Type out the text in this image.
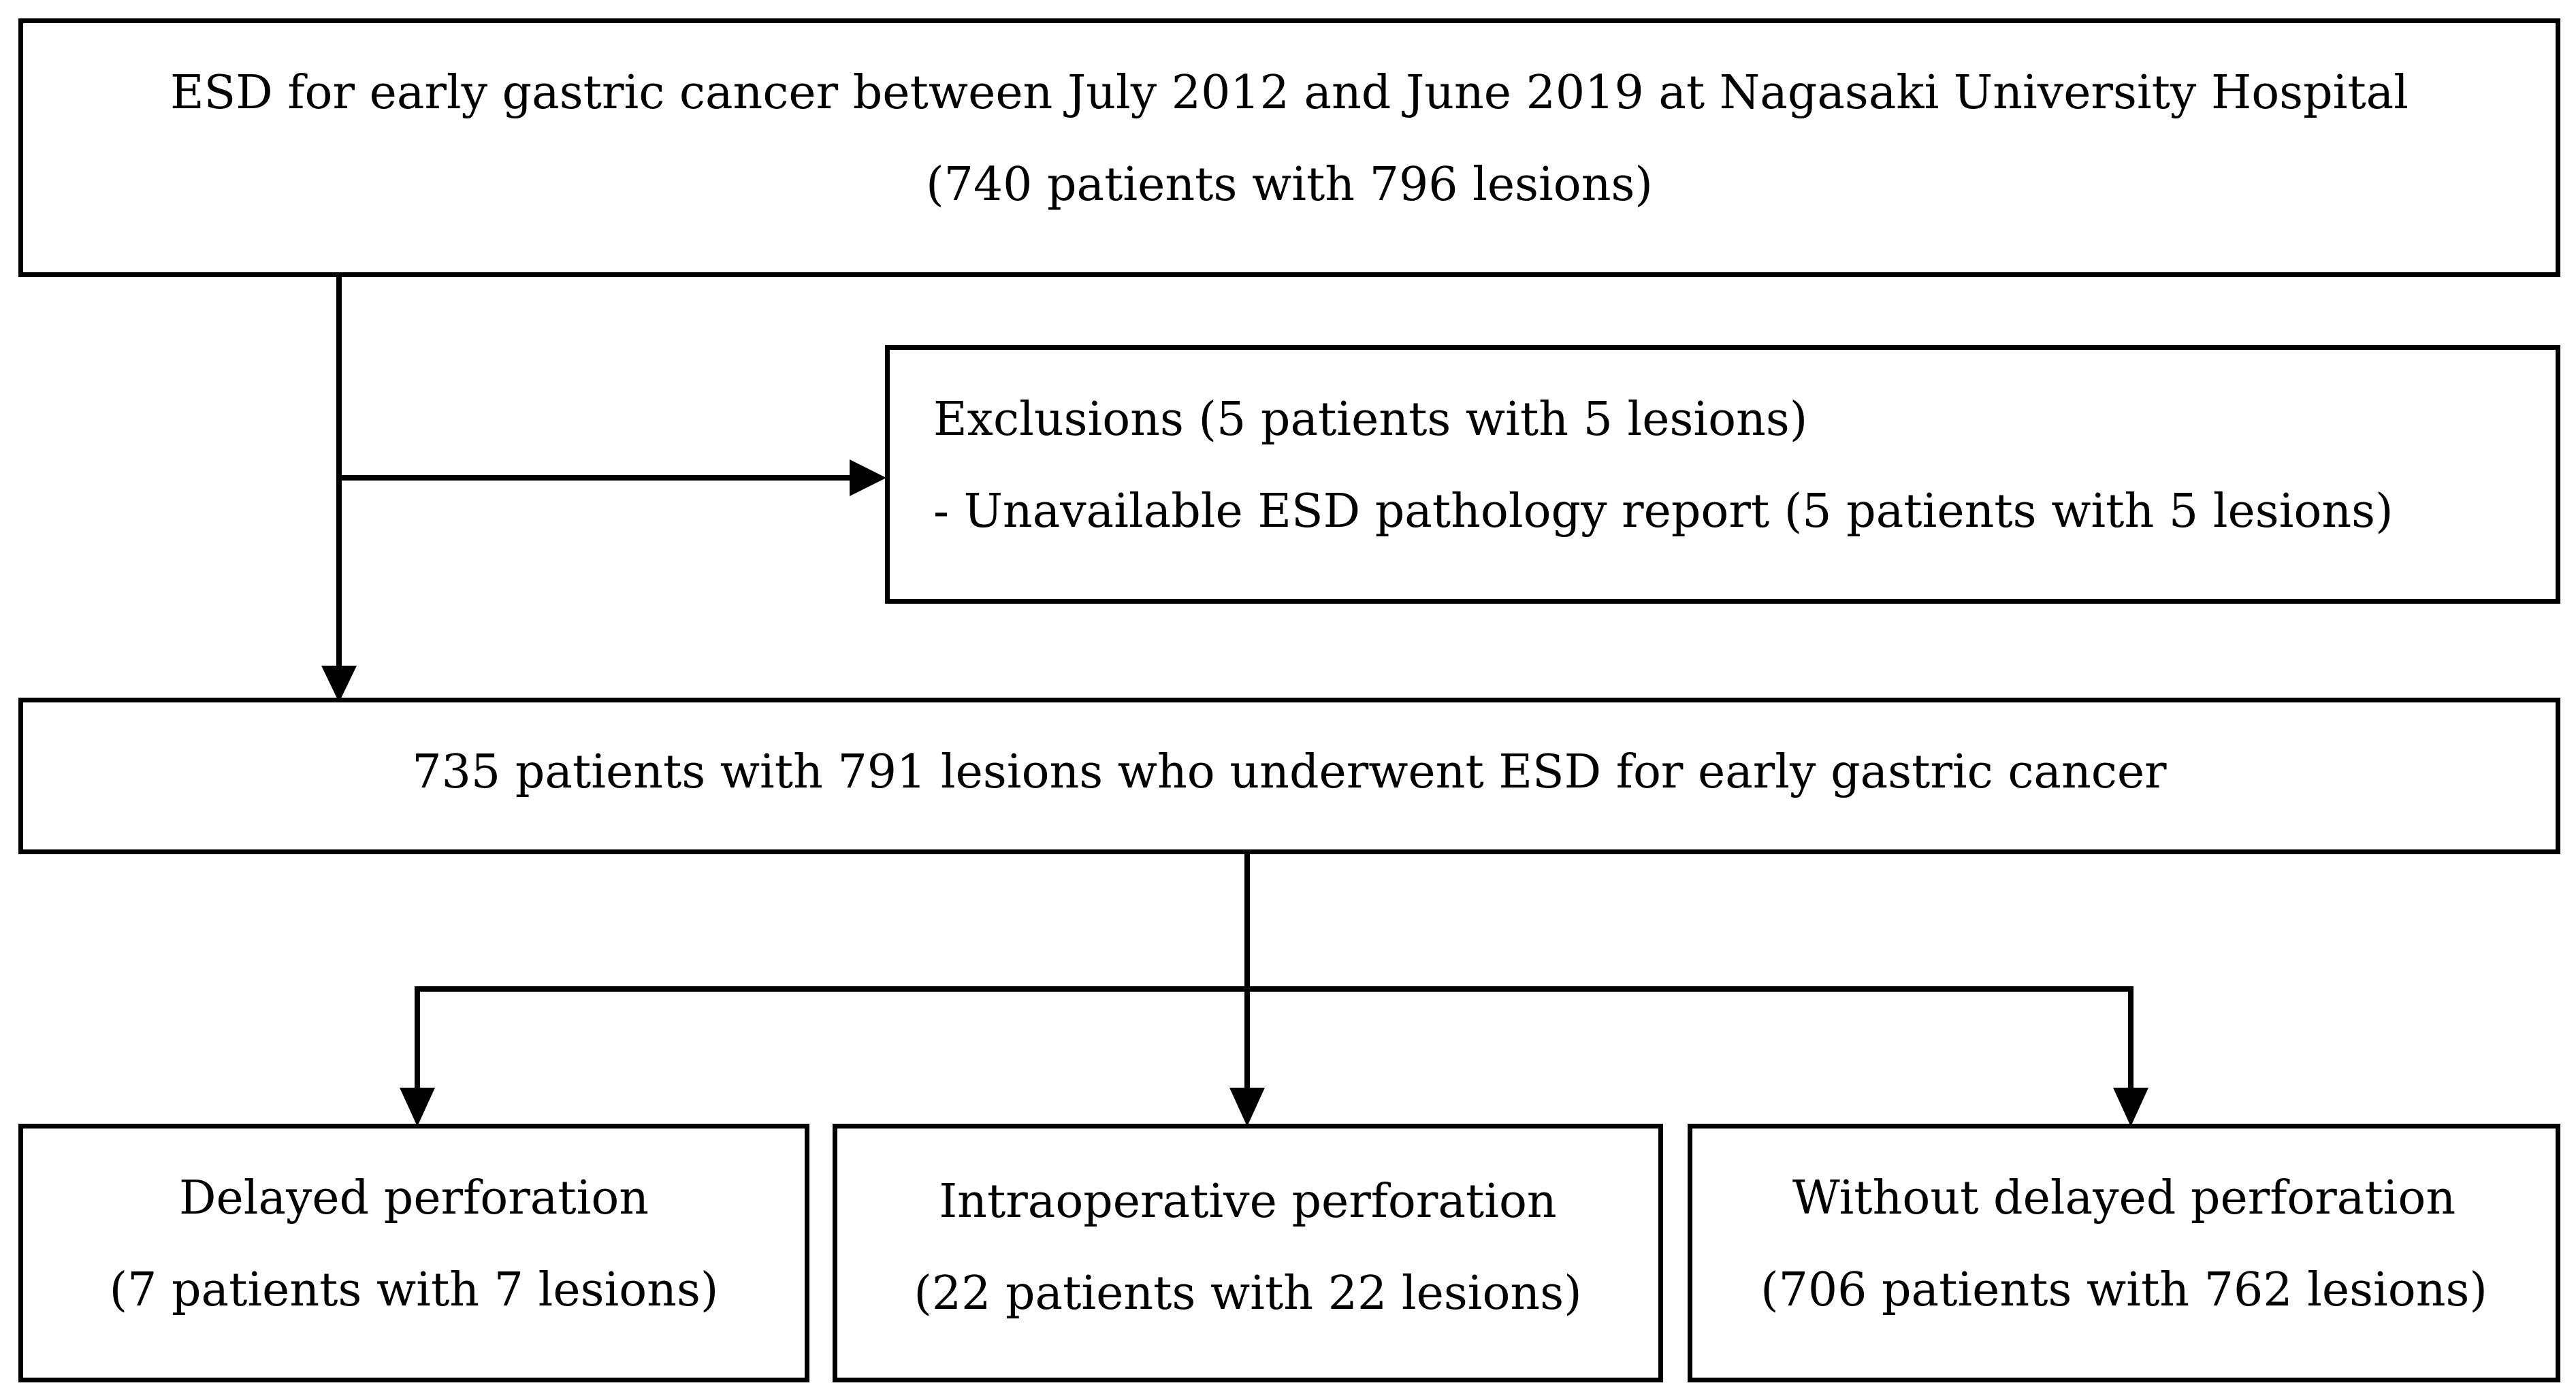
ESD for early gastric cancer between July 2012 and June 2019 at Nagasaki University Hospital
(740 patients with 796 lesions)
Exclusions (5 patients with 5 lesions)
- Unavailable ESD pathology report (5 patients with 5 lesions)
735 patients with 791 lesions who underwent ESD for early gastric cancer
Delayed perforation
(7 patients with 7 lesions)
Intraoperative perforation
(22 patients with 22 lesions)
Without delayed perforation
(706 patients with 762 lesions)
